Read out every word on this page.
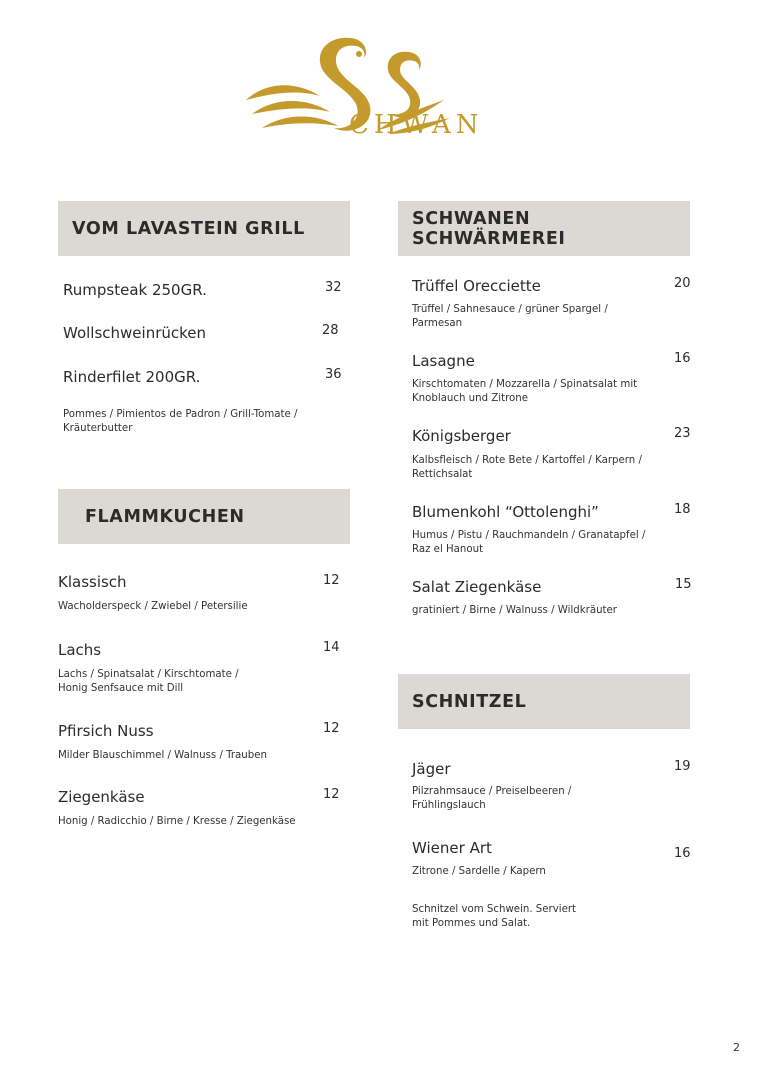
CHWAN
VOM LAVASTEIN GRILL
Rumpsteak 250GR.	32
Wollschweinrücken	28
Rinderfilet 200GR.	36
Pommes / Pimientos de Padron / Grill-Tomate / Kräuterbutter
FLAMMKUCHEN
Klassisch	12
Wacholderspeck / Zwiebel / Petersilie
Lachs	14
Lachs / Spinatsalat / Kirschtomate / Honig Senfsauce mit Dill
Pfirsich Nuss	12
Milder Blauschimmel / Walnuss / Trauben
Ziegenkäse	12
Honig / Radicchio / Birne / Kresse / Ziegenkäse
SCHWANEN SCHWÄRMEREI
Trüffel Orecciette	20
Trüffel / Sahnesauce / grüner Spargel / Parmesan
Lasagne	16
Kirschtomaten / Mozzarella / Spinatsalat mit Knoblauch und Zitrone
Königsberger	23
Kalbsfleisch / Rote Bete / Kartoffel / Karpern / Rettichsalat
Blumenkohl “Ottolenghi”	18
Humus / Pistu / Rauchmandeln / Granatapfel / Raz el Hanout
Salat Ziegenkäse	15
gratiniert / Birne / Walnuss / Wildkräuter
SCHNITZEL
Jäger	19
Pilzrahmsauce / Preiselbeeren / Frühlingslauch
Wiener Art	16
Zitrone / Sardelle / Kapern
Schnitzel vom Schwein. Serviert mit Pommes und Salat.
2
